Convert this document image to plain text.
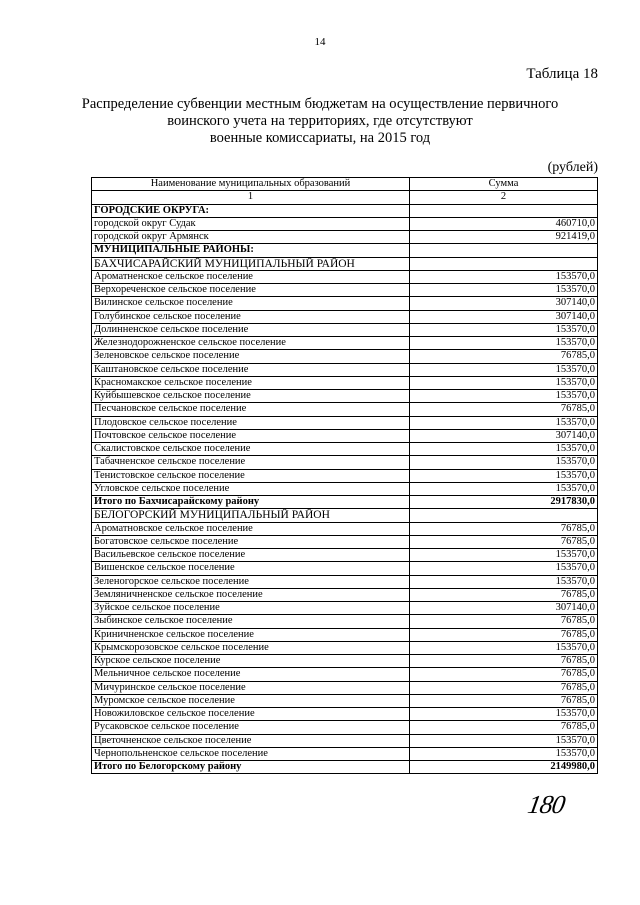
14
Таблица 18
Распределение субвенции местным бюджетам на осуществление первичного
воинского учета на территориях, где отсутствуют
военные комиссариаты, на 2015 год
(рублей)
Наименование муниципальных образований	Сумма
1	2
ГОРОДСКИЕ ОКРУГА:	
городской округ Судак	460710,0
городской округ Армянск	921419,0
МУНИЦИПАЛЬНЫЕ РАЙОНЫ:	
БАХЧИСАРАЙСКИЙ МУНИЦИПАЛЬНЫЙ РАЙОН	
Ароматненское сельское поселение	153570,0
Верхореченское сельское поселение	153570,0
Вилинское сельское поселение	307140,0
Голубинское сельское поселение	307140,0
Долинненское сельское поселение	153570,0
Железнодорожненское сельское поселение	153570,0
Зеленовское сельское поселение	76785,0
Каштановское сельское поселение	153570,0
Красномакское сельское поселение	153570,0
Куйбышевское сельское поселение	153570,0
Песчановское сельское поселение	76785,0
Плодовское сельское поселение	153570,0
Почтовское сельское поселение	307140,0
Скалистовское сельское поселение	153570,0
Табачненское сельское поселение	153570,0
Тенистовское сельское поселение	153570,0
Угловское сельское поселение	153570,0
Итого по Бахчисарайскому району	2917830,0
БЕЛОГОРСКИЙ МУНИЦИПАЛЬНЫЙ РАЙОН	
Ароматновское сельское поселение	76785,0
Богатовское сельское поселение	76785,0
Васильевское сельское поселение	153570,0
Вишенское сельское поселение	153570,0
Зеленогорское сельское поселение	153570,0
Земляничненское сельское поселение	76785,0
Зуйское сельское поселение	307140,0
Зыбинское сельское поселение	76785,0
Криничненское сельское поселение	76785,0
Крымскорозовское сельское поселение	153570,0
Курское сельское поселение	76785,0
Мельничное сельское поселение	76785,0
Мичуринское сельское поселение	76785,0
Муромское сельское поселение	76785,0
Новожиловское сельское поселение	153570,0
Русаковское сельское поселение	76785,0
Цветочненское сельское поселение	153570,0
Чернопольненское сельское поселение	153570,0
Итого по Белогорскому району	2149980,0
180
